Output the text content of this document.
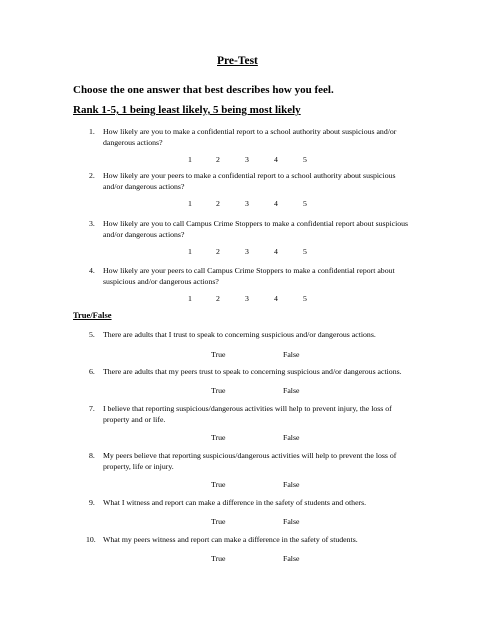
Pre-Test
Choose the one answer that best describes how you feel.
Rank 1-5, 1 being least likely, 5 being most likely
1. How likely are you to make a confidential report to a school authority about suspicious and/or
dangerous actions?
1	2	3	4	5
2. How likely are your peers to make a confidential report to a school authority about suspicious
and/or dangerous actions?
1	2	3	4	5
3. How likely are you to call Campus Crime Stoppers to make a confidential report about suspicious
and/or dangerous actions?
1	2	3	4	5
4. How likely are your peers to call Campus Crime Stoppers to make a confidential report about
suspicious and/or dangerous actions?
1	2	3	4	5
True/False
5. There are adults that I trust to speak to concerning suspicious and/or dangerous actions.
True	False
6. There are adults that my peers trust to speak to concerning suspicious and/or dangerous actions.
True	False
7. I believe that reporting suspicious/dangerous activities will help to prevent injury, the loss of
property and or life.
True	False
8. My peers believe that reporting suspicious/dangerous activities will help to prevent the loss of
property, life or injury.
True	False
9. What I witness and report can make a difference in the safety of students and others.
True	False
10. What my peers witness and report can make a difference in the safety of students.
True	False
